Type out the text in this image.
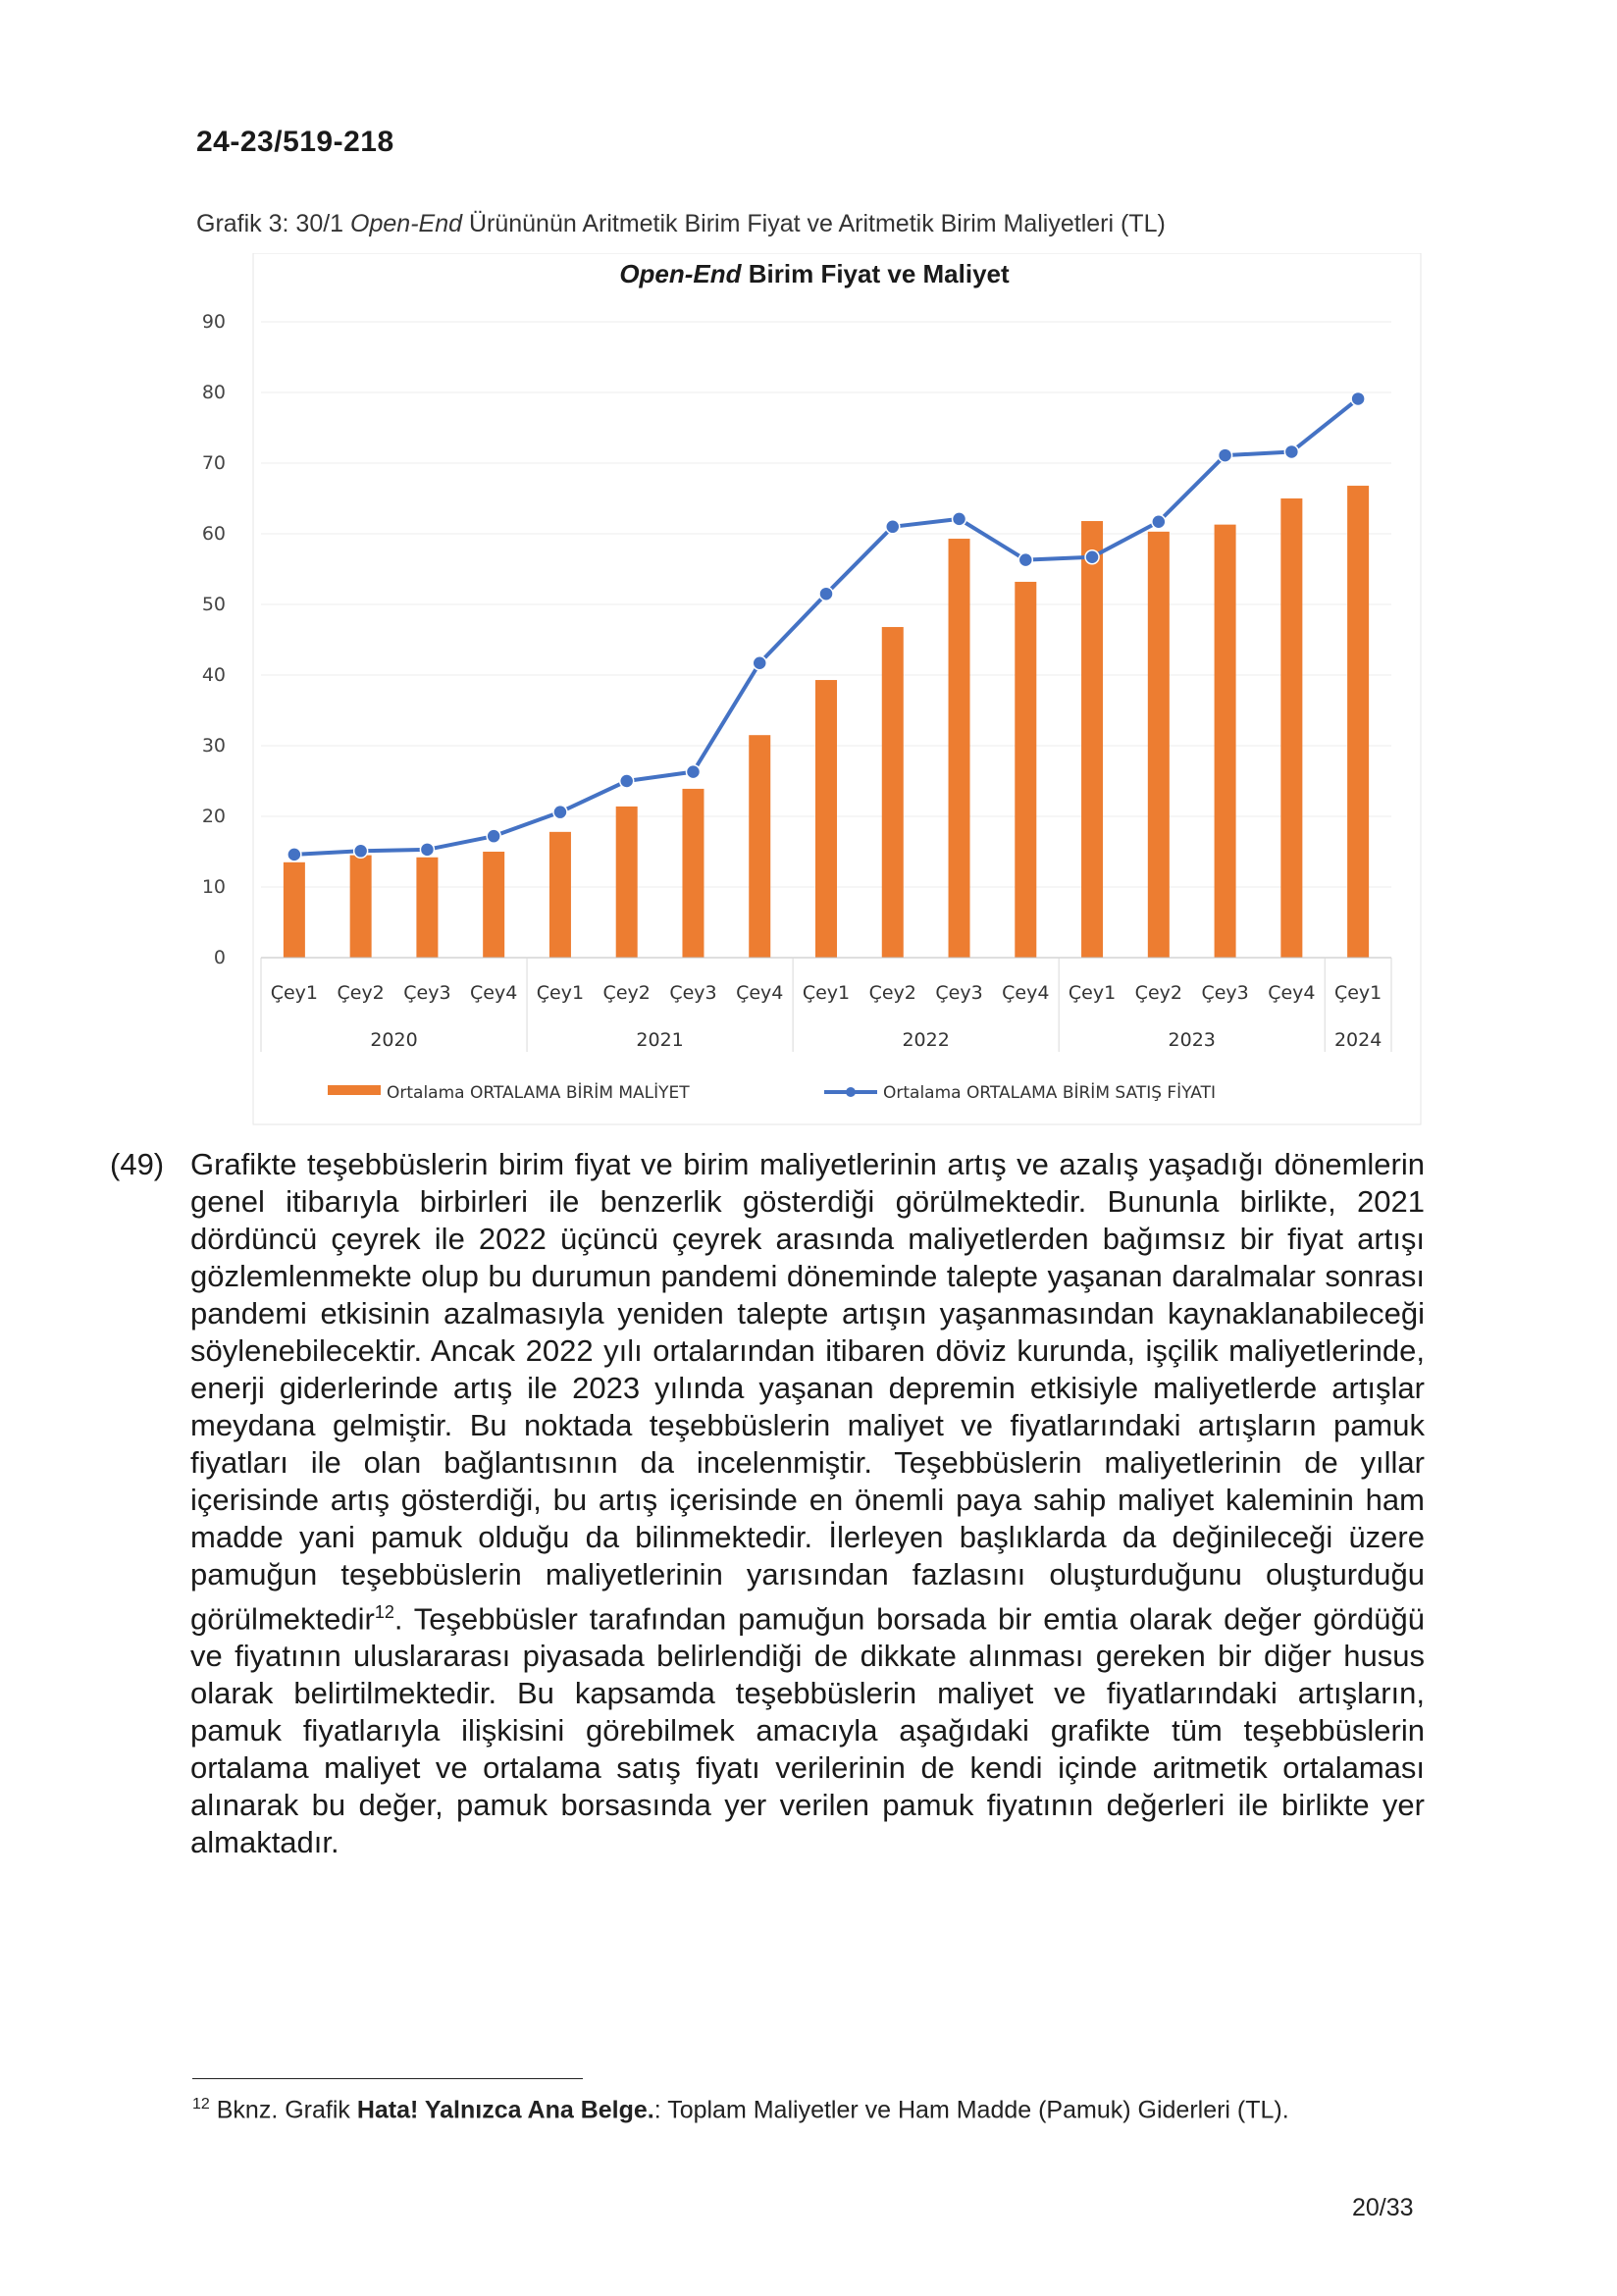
24-23/519-218
Grafik 3: 30/1 Open-End Ürününün Aritmetik Birim Fiyat ve Aritmetik Birim Maliyetleri (TL)
Open-End Birim Fiyat ve Maliyet
0
10
20
30
40
50
60
70
80
90
Çey1 Çey2 Çey3 Çey4 Çey1 Çey2 Çey3 Çey4 Çey1 Çey2 Çey3 Çey4 Çey1 Çey2 Çey3 Çey4 Çey1
2020	2021	2022	2023	2024
Ortalama ORTALAMA BİRİM MALİYET	Ortalama ORTALAMA BİRİM SATIŞ FİYATI
(49) Grafikte teşebbüslerin birim fiyat ve birim maliyetlerinin artış ve azalış yaşadığı dönemlerin genel itibarıyla birbirleri ile benzerlik gösterdiği görülmektedir. Bununla birlikte, 2021 dördüncü çeyrek ile 2022 üçüncü çeyrek arasında maliyetlerden bağımsız bir fiyat artışı gözlemlenmekte olup bu durumun pandemi döneminde talepte yaşanan daralmalar sonrası pandemi etkisinin azalmasıyla yeniden talepte artışın yaşanmasından kaynaklanabileceği söylenebilecektir. Ancak 2022 yılı ortalarından itibaren döviz kurunda, işçilik maliyetlerinde, enerji giderlerinde artış ile 2023 yılında yaşanan depremin etkisiyle maliyetlerde artışlar meydana gelmiştir. Bu noktada teşebbüslerin maliyet ve fiyatlarındaki artışların pamuk fiyatları ile olan bağlantısının da incelenmiştir. Teşebbüslerin maliyetlerinin de yıllar içerisinde artış gösterdiği, bu artış içerisinde en önemli paya sahip maliyet kaleminin ham madde yani pamuk olduğu da bilinmektedir. İlerleyen başlıklarda da değinileceği üzere pamuğun teşebbüslerin maliyetlerinin yarısından fazlasını oluşturduğunu oluşturduğu görülmektedir$^{12}$. Teşebbüsler tarafından pamuğun borsada bir emtia olarak değer gördüğü ve fiyatının uluslararası piyasada belirlendiği de dikkate alınması gereken bir diğer husus olarak belirtilmektedir. Bu kapsamda teşebbüslerin maliyet ve fiyatlarındaki artışların, pamuk fiyatlarıyla ilişkisini görebilmek amacıyla aşağıdaki grafikte tüm teşebbüslerin ortalama maliyet ve ortalama satış fiyatı verilerinin de kendi içinde aritmetik ortalaması alınarak bu değer, pamuk borsasında yer verilen pamuk fiyatının değerleri ile birlikte yer almaktadır.
$^{12}$ Bknz. Grafik Hata! Yalnızca Ana Belge.: Toplam Maliyetler ve Ham Madde (Pamuk) Giderleri (TL).
20/33
